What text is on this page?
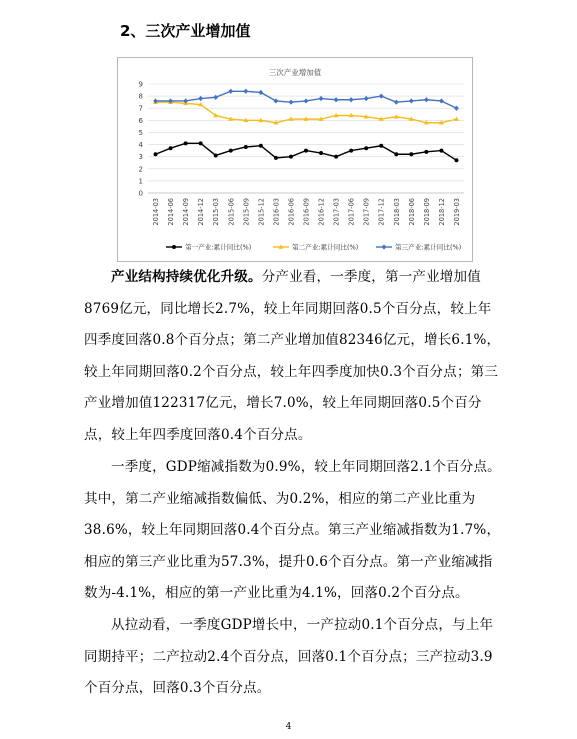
2、三次产业增加值
三次产业增加值
0
1
2
3
4
5
6
7
8
9
2014-03 2014-06 2014-09 2014-12 2015-03 2015-06 2015-09 2015-12 2016-03 2016-06 2016-09 2016-12 2017-03 2017-06 2017-09 2017-12 2018-03 2018-06 2018-09 2018-12 2019-03
第一产业:累计同比(%)	第二产业:累计同比(%)	第三产业:累计同比(%)

产业结构持续优化升级。分产业看，一季度，第一产业增加值8769亿元，同比增长2.7%，较上年同期回落0.5个百分点，较上年四季度回落0.8个百分点；第二产业增加值82346亿元，增长6.1%，较上年同期回落0.2个百分点，较上年四季度加快0.3个百分点；第三产业增加值122317亿元，增长7.0%，较上年同期回落0.5个百分点，较上年四季度回落0.4个百分点。

一季度，GDP缩减指数为0.9%，较上年同期回落2.1个百分点。其中，第二产业缩减指数偏低、为0.2%，相应的第二产业比重为38.6%，较上年同期回落0.4个百分点。第三产业缩减指数为1.7%，相应的第三产业比重为57.3%，提升0.6个百分点。第一产业缩减指数为-4.1%，相应的第一产业比重为4.1%，回落0.2个百分点。

从拉动看，一季度GDP增长中，一产拉动0.1个百分点，与上年同期持平；二产拉动2.4个百分点，回落0.1个百分点；三产拉动3.9个百分点，回落0.3个百分点。

4
